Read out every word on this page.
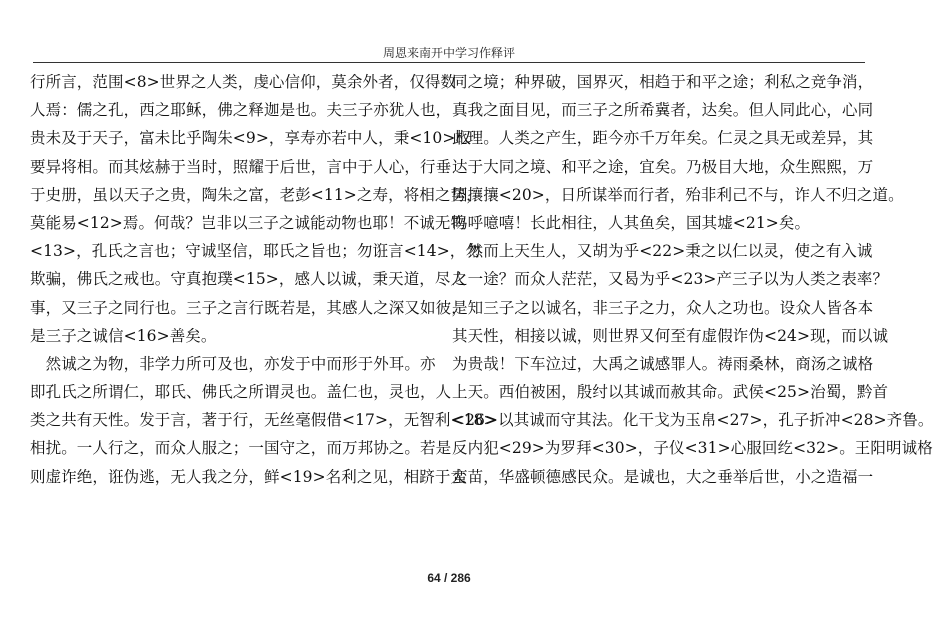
周恩来南开中学习作释评
行所言，范围<8>世界之人类，虔心信仰，莫余外者，仅得数
人焉：儒之孔，西之耶稣，佛之释迦是也。夫三子亦犹人也，
贵未及于天子，富未比乎陶朱<9>，享寿亦若中人，秉<10>权
要异将相。而其炫赫于当时，照耀于后世，言中于人心，行垂
于史册，虽以天子之贵，陶朱之富，老彭<11>之寿，将相之势，
莫能易<12>焉。何哉？岂非以三子之诚能动物也耶！不诚无物
<13>，孔氏之言也；守诚坚信，耶氏之旨也；勿诳言<14>，勿
欺骗，佛氏之戒也。守真抱璞<15>，感人以诚，秉天道，尽人
事，又三子之同行也。三子之言行既若是，其感人之深又如彼，
是三子之诚信<16>善矣。
　然诚之为物，非学力所可及也，亦发于中而形于外耳。亦
即孔氏之所谓仁，耶氏、佛氏之所谓灵也。盖仁也，灵也，人
类之共有天性。发于言，著于行，无丝毫假借<17>，无智利<18>
相扰。一人行之，而众人服之；一国守之，而万邦协之。若是
则虚诈绝，诳伪逃，无人我之分，鲜<19>名利之见，相跻于大
同之境；种界破，国界灭，相趋于和平之途；利私之竞争消，
真我之面目见，而三子之所希冀者，达矣。但人同此心，心同
此理。人类之产生，距今亦千万年矣。仁灵之具无或差异，其
达于大同之境、和平之途，宜矣。乃极目大地，众生熙熙，万
国攘攘<20>，日所谋举而行者，殆非利己不与，诈人不归之道。
呜呼噫嘻！长此相往，人其鱼矣，国其墟<21>矣。
　然而上天生人，又胡为乎<22>秉之以仁以灵，使之有入诚
之一途？而众人茫茫，又曷为乎<23>产三子以为人类之表率？
是知三子之以诚名，非三子之力，众人之功也。设众人皆各本
其天性，相接以诚，则世界又何至有虚假诈伪<24>现，而以诚
为贵哉！下车泣过，大禹之诚感罪人。祷雨桑林，商汤之诚格
上天。西伯被困，殷纣以其诚而赦其命。武侯<25>治蜀，黔首
<26>以其诚而守其法。化干戈为玉帛<27>，孔子折冲<28>齐鲁。
反内犯<29>为罗拜<30>，子仪<31>心服回纥<32>。王阳明诚格
蛮苗，华盛顿德感民众。是诚也，大之垂举后世，小之造福一
64 / 286
